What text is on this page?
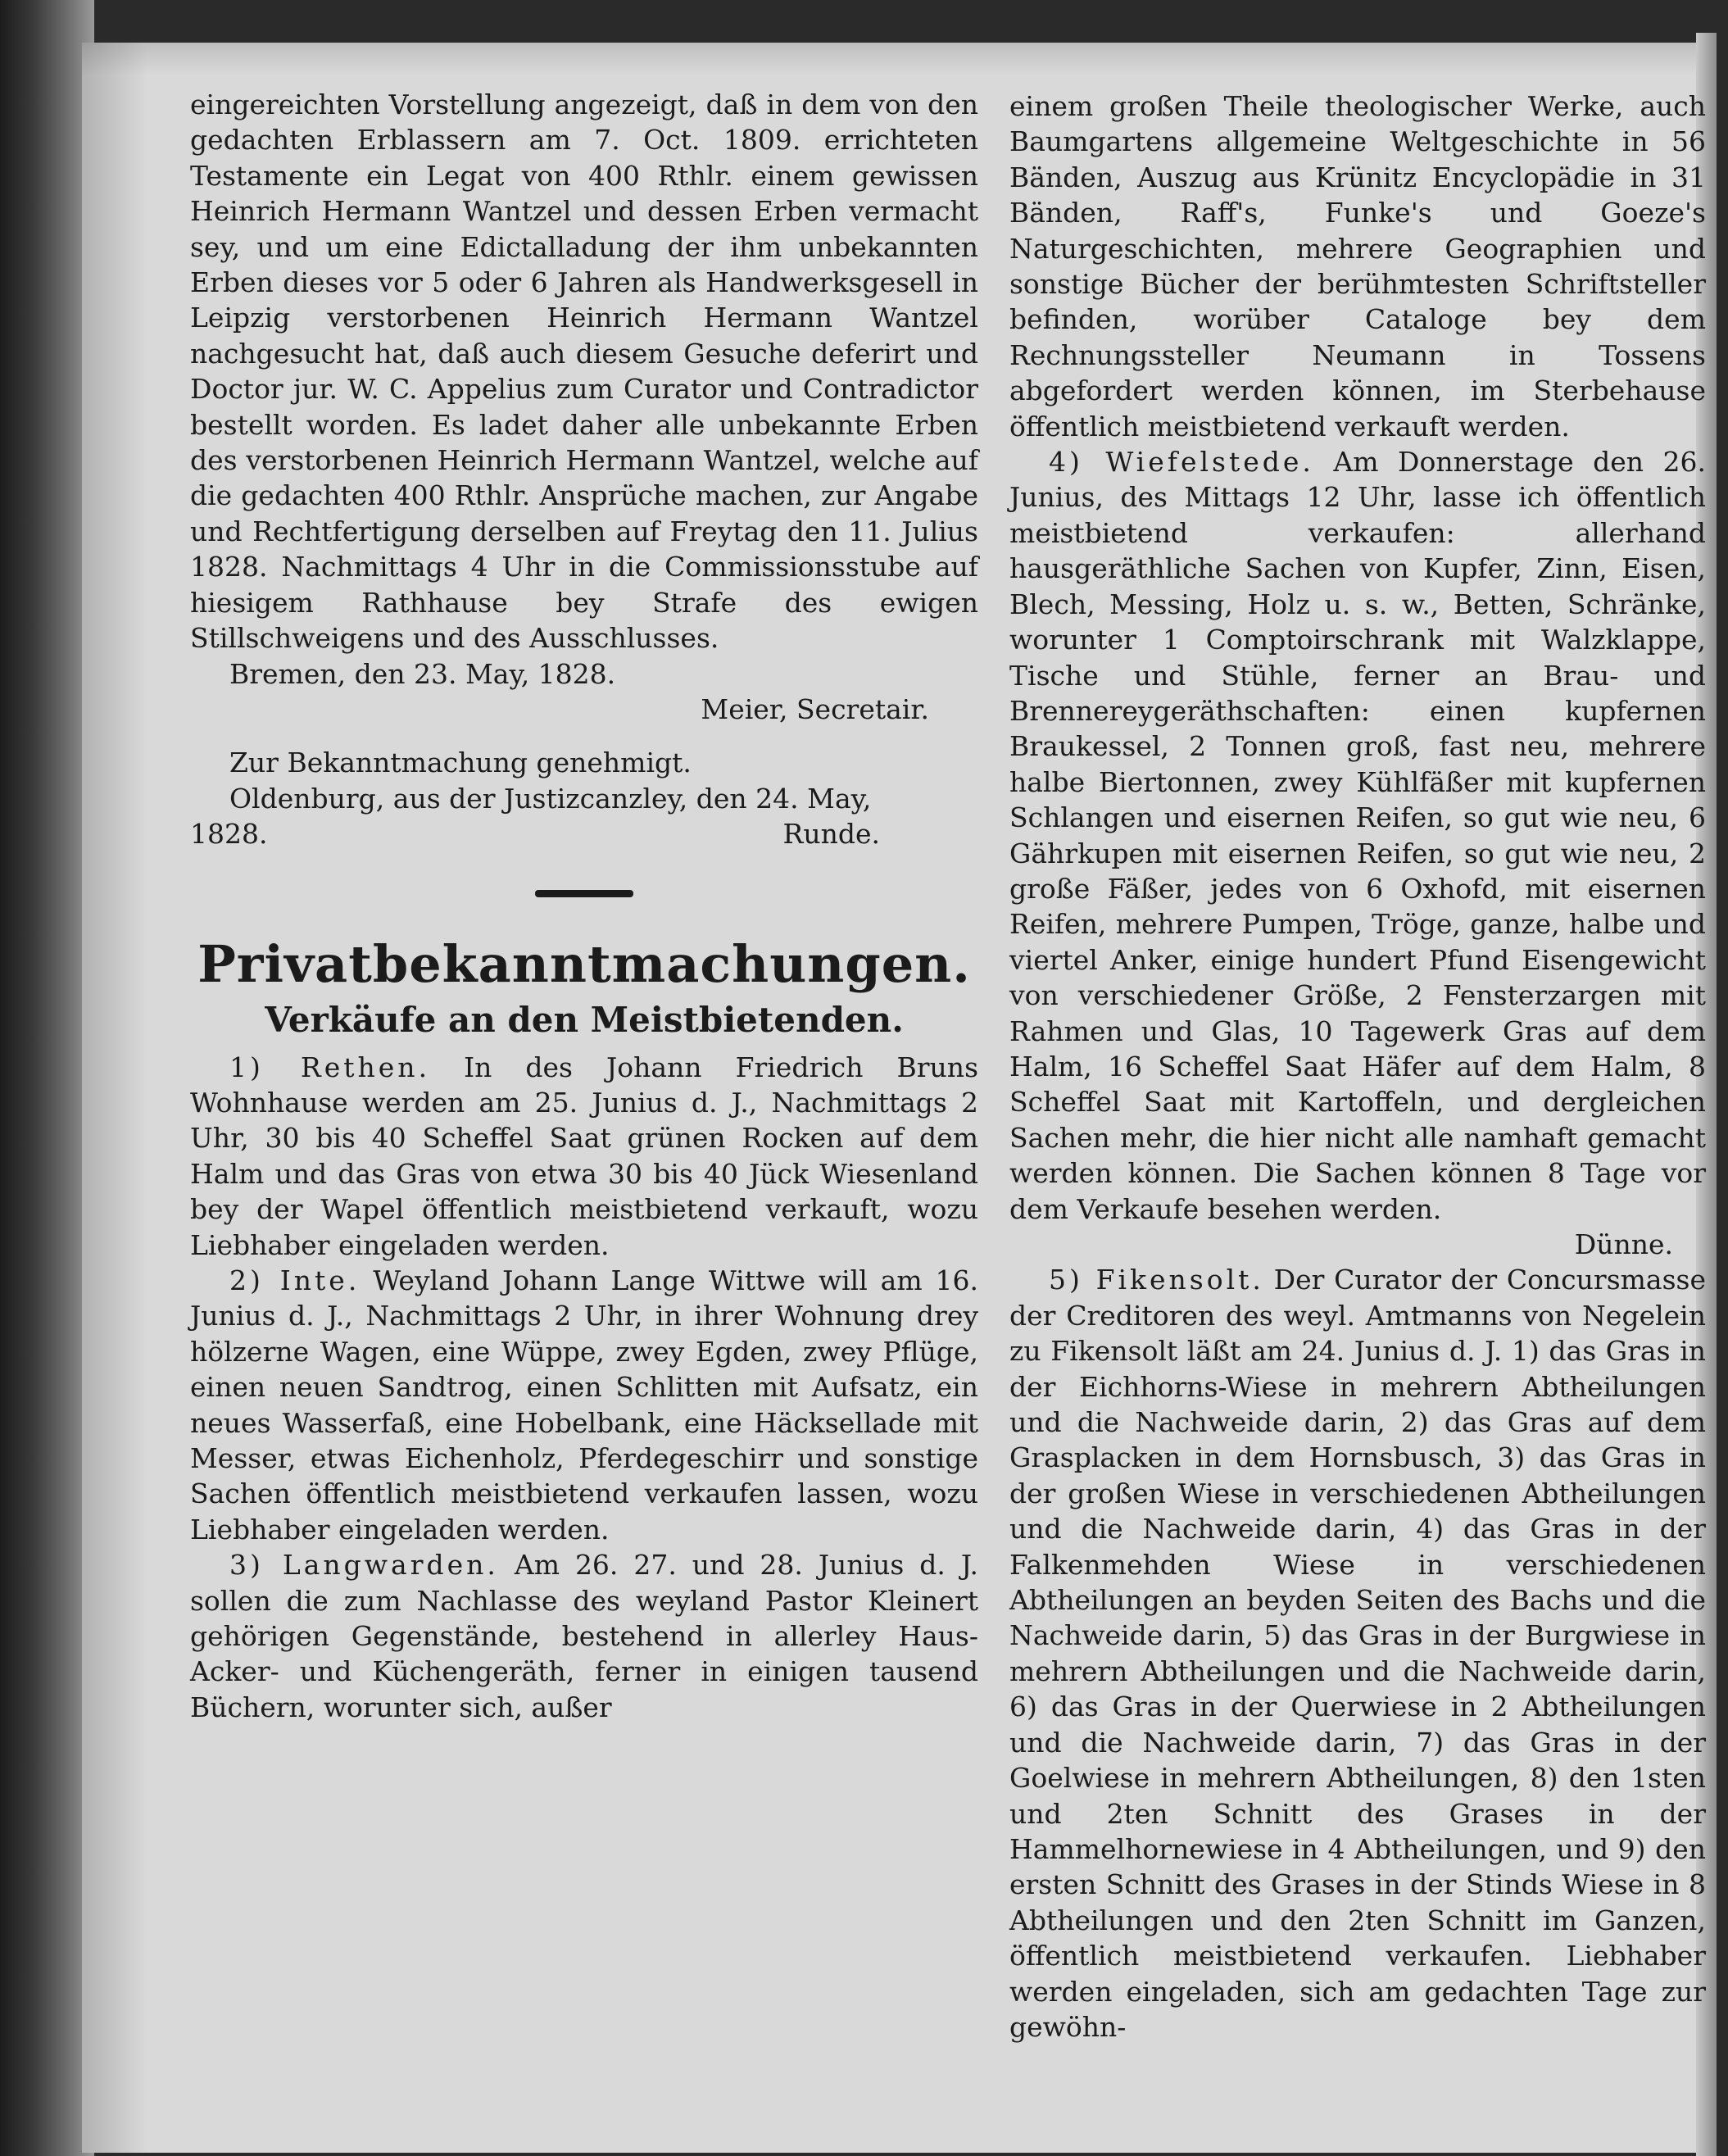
eingereichten Vorstellung angezeigt, daß in dem von den gedachten Erblassern am 7. Oct. 1809. errichteten Testamente ein Legat von 400 Rthlr. einem gewissen Heinrich Hermann Wantzel und dessen Erben vermacht sey, und um eine Edictalladung der ihm unbekannten Erben dieses vor 5 oder 6 Jahren als Handwerksgesell in Leipzig verstorbenen Heinrich Hermann Wantzel nachgesucht hat, daß auch diesem Gesuche deferirt und Doctor jur. W. C. Appelius zum Curator und Contradictor bestellt worden. Es ladet daher alle unbekannte Erben des verstorbenen Heinrich Hermann Wantzel, welche auf die gedachten 400 Rthlr. Ansprüche machen, zur Angabe und Rechtfertigung derselben auf Freytag den 11. Julius 1828. Nachmittags 4 Uhr in die Commissionsstube auf hiesigem Rathhause bey Strafe des ewigen Stillschweigens und des Ausschlusses.

Bremen, den 23. May, 1828.

Meier, Secretair.

Zur Bekanntmachung genehmigt.

Oldenburg, aus der Justizcanzley, den 24. May,

1828.	Runde.
Privatbekanntmachungen.
Verkäufe an den Meistbietenden.

1) Rethen. In des Johann Friedrich Bruns Wohnhause werden am 25. Junius d. J., Nachmittags 2 Uhr, 30 bis 40 Scheffel Saat grünen Rocken auf dem Halm und das Gras von etwa 30 bis 40 Jück Wiesenland bey der Wapel öffentlich meistbietend verkauft, wozu Liebhaber eingeladen werden.

2) Inte. Weyland Johann Lange Wittwe will am 16. Junius d. J., Nachmittags 2 Uhr, in ihrer Wohnung drey hölzerne Wagen, eine Wüppe, zwey Egden, zwey Pflüge, einen neuen Sandtrog, einen Schlitten mit Aufsatz, ein neues Wasserfaß, eine Hobelbank, eine Häcksellade mit Messer, etwas Eichenholz, Pferdegeschirr und sonstige Sachen öffentlich meistbietend verkaufen lassen, wozu Liebhaber eingeladen werden.

3) Langwarden. Am 26. 27. und 28. Junius d. J. sollen die zum Nachlasse des weyland Pastor Kleinert gehörigen Gegenstände, bestehend in allerley Haus- Acker- und Küchengeräth, ferner in einigen tausend Büchern, worunter sich, außer

einem großen Theile theologischer Werke, auch Baumgartens allgemeine Weltgeschichte in 56 Bänden, Auszug aus Krünitz Encyclopädie in 31 Bänden, Raff's, Funke's und Goeze's Naturgeschichten, mehrere Geographien und sonstige Bücher der berühmtesten Schriftsteller befinden, worüber Cataloge bey dem Rechnungssteller Neumann in Tossens abgefordert werden können, im Sterbehause öffentlich meistbietend verkauft werden.

4) Wiefelstede. Am Donnerstage den 26. Junius, des Mittags 12 Uhr, lasse ich öffentlich meistbietend verkaufen: allerhand hausgeräthliche Sachen von Kupfer, Zinn, Eisen, Blech, Messing, Holz u. s. w., Betten, Schränke, worunter 1 Comptoirschrank mit Walzklappe, Tische und Stühle, ferner an Brau- und Brennereygeräthschaften: einen kupfernen Braukessel, 2 Tonnen groß, fast neu, mehrere halbe Biertonnen, zwey Kühlfäßer mit kupfernen Schlangen und eisernen Reifen, so gut wie neu, 6 Gährkupen mit eisernen Reifen, so gut wie neu, 2 große Fäßer, jedes von 6 Oxhofd, mit eisernen Reifen, mehrere Pumpen, Tröge, ganze, halbe und viertel Anker, einige hundert Pfund Eisengewicht von verschiedener Größe, 2 Fensterzargen mit Rahmen und Glas, 10 Tagewerk Gras auf dem Halm, 16 Scheffel Saat Häfer auf dem Halm, 8 Scheffel Saat mit Kartoffeln, und dergleichen Sachen mehr, die hier nicht alle namhaft gemacht werden können. Die Sachen können 8 Tage vor dem Verkaufe besehen werden.

Dünne.

5) Fikensolt. Der Curator der Concursmasse der Creditoren des weyl. Amtmanns von Negelein zu Fikensolt läßt am 24. Junius d. J. 1) das Gras in der Eichhorns-Wiese in mehrern Abtheilungen und die Nachweide darin, 2) das Gras auf dem Grasplacken in dem Hornsbusch, 3) das Gras in der großen Wiese in verschiedenen Abtheilungen und die Nachweide darin, 4) das Gras in der Falkenmehden Wiese in verschiedenen Abtheilungen an beyden Seiten des Bachs und die Nachweide darin, 5) das Gras in der Burgwiese in mehrern Abtheilungen und die Nachweide darin, 6) das Gras in der Querwiese in 2 Abtheilungen und die Nachweide darin, 7) das Gras in der Goelwiese in mehrern Abtheilungen, 8) den 1sten und 2ten Schnitt des Grases in der Hammelhornewiese in 4 Abtheilungen, und 9) den ersten Schnitt des Grases in der Stinds Wiese in 8 Abtheilungen und den 2ten Schnitt im Ganzen, öffentlich meistbietend verkaufen. Liebhaber werden eingeladen, sich am gedachten Tage zur gewöhn-
